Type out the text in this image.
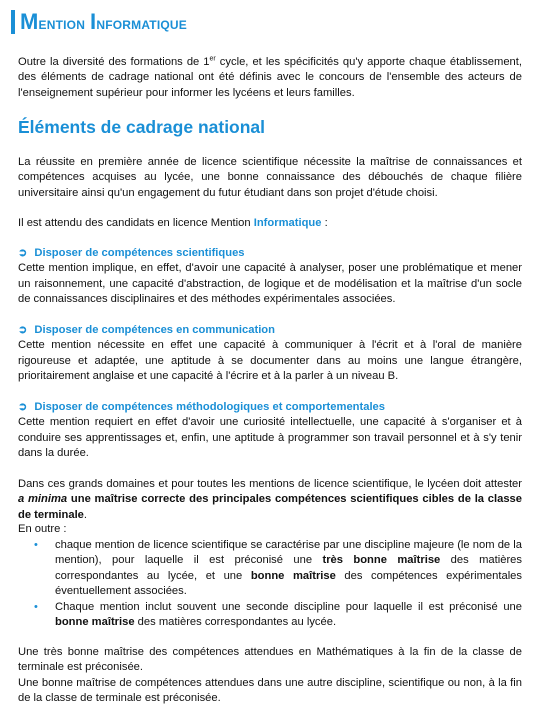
Mention Informatique

Outre la diversité des formations de 1er cycle, et les spécificités qu'y apporte chaque établissement, des éléments de cadrage national ont été définis avec le concours de l'ensemble des acteurs de l'enseignement supérieur pour informer les lycéens et leurs familles.

Éléments de cadrage national

La réussite en première année de licence scientifique nécessite la maîtrise de connaissances et compétences acquises au lycée, une bonne connaissance des débouchés de chaque filière universitaire ainsi qu'un engagement du futur étudiant dans son projet d'étude choisi.

Il est attendu des candidats en licence Mention Informatique :

➲ Disposer de compétences scientifiques
Cette mention implique, en effet, d'avoir une capacité à analyser, poser une problématique et mener un raisonnement, une capacité d'abstraction, de logique et de modélisation et la maîtrise d'un socle de connaissances disciplinaires et des méthodes expérimentales associées.
➲ Disposer de compétences en communication
Cette mention nécessite en effet une capacité à communiquer à l'écrit et à l'oral de manière rigoureuse et adaptée, une aptitude à se documenter dans au moins une langue étrangère, prioritairement anglaise et une capacité à l'écrire et à la parler à un niveau B.
➲ Disposer de compétences méthodologiques et comportementales
Cette mention requiert en effet d'avoir une curiosité intellectuelle, une capacité à s'organiser et à conduire ses apprentissages et, enfin, une aptitude à programmer son travail personnel et à s'y tenir dans la durée.

Dans ces grands domaines et pour toutes les mentions de licence scientifique, le lycéen doit attester a minima une maîtrise correcte des principales compétences scientifiques cibles de la classe de terminale.

En outre :
• chaque mention de licence scientifique se caractérise par une discipline majeure (le nom de la mention), pour laquelle il est préconisé une très bonne maîtrise des matières correspondantes au lycée, et une bonne maîtrise des compétences expérimentales éventuellement associées.
• Chaque mention inclut souvent une seconde discipline pour laquelle il est préconisé une bonne maîtrise des matières correspondantes au lycée.

Une très bonne maîtrise des compétences attendues en Mathématiques à la fin de la classe de terminale est préconisée.

Une bonne maîtrise de compétences attendues dans une autre discipline, scientifique ou non, à la fin de la classe de terminale est préconisée.
